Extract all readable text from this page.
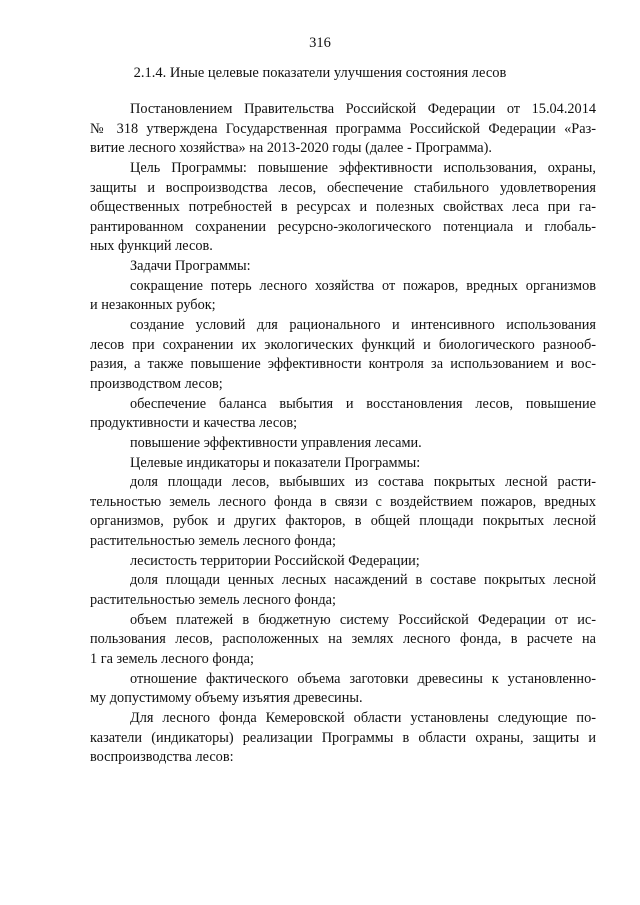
316
2.1.4. Иные целевые показатели улучшения состояния лесов
Постановлением Правительства Российской Федерации от 15.04.2014
№ 318 утверждена Государственная программа Российской Федерации «Раз-
витие лесного хозяйства» на 2013-2020 годы (далее - Программа).
Цель Программы: повышение эффективности использования, охраны,
защиты и воспроизводства лесов, обеспечение стабильного удовлетворения
общественных потребностей в ресурсах и полезных свойствах леса при га-
рантированном сохранении ресурсно-экологического потенциала и глобаль-
ных функций лесов.
Задачи Программы:
сокращение потерь лесного хозяйства от пожаров, вредных организмов
и незаконных рубок;
создание условий для рационального и интенсивного использования
лесов при сохранении их экологических функций и биологического разнооб-
разия, а также повышение эффективности контроля за использованием и вос-
производством лесов;
обеспечение баланса выбытия и восстановления лесов, повышение
продуктивности и качества лесов;
повышение эффективности управления лесами.
Целевые индикаторы и показатели Программы:
доля площади лесов, выбывших из состава покрытых лесной расти-
тельностью земель лесного фонда в связи с воздействием пожаров, вредных
организмов, рубок и других факторов, в общей площади покрытых лесной
растительностью земель лесного фонда;
лесистость территории Российской Федерации;
доля площади ценных лесных насаждений в составе покрытых лесной
растительностью земель лесного фонда;
объем платежей в бюджетную систему Российской Федерации от ис-
пользования лесов, расположенных на землях лесного фонда, в расчете на
1 га земель лесного фонда;
отношение фактического объема заготовки древесины к установленно-
му допустимому объему изъятия древесины.
Для лесного фонда Кемеровской области установлены следующие по-
казатели (индикаторы) реализации Программы в области охраны, защиты и
воспроизводства лесов:
